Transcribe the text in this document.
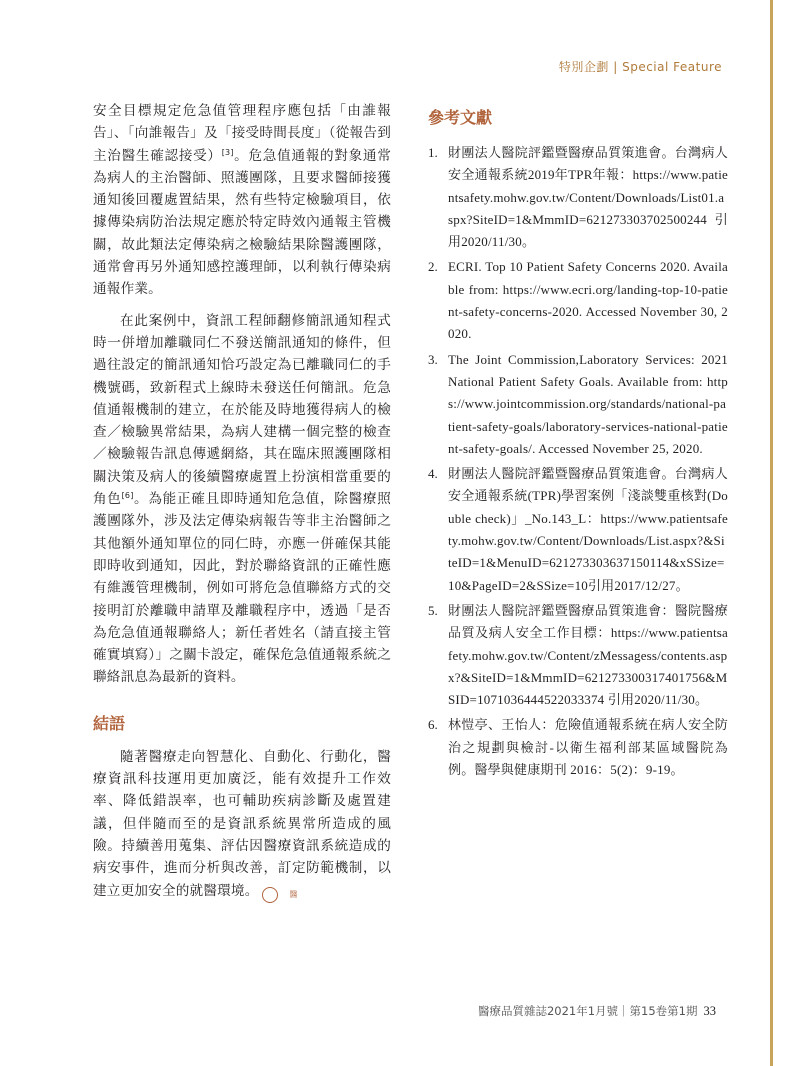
特別企劃 | Special Feature

安全目標規定危急值管理程序應包括「由誰報告」、「向誰報告」及「接受時間長度」（從報告到主治醫生確認接受）[3]。危急值通報的對象通常為病人的主治醫師、照護團隊，且要求醫師接獲通知後回覆處置結果，然有些特定檢驗項目，依據傳染病防治法規定應於特定時效內通報主管機關，故此類法定傳染病之檢驗結果除醫護團隊，通常會再另外通知感控護理師，以利執行傳染病通報作業。

在此案例中，資訊工程師翻修簡訊通知程式時一併增加離職同仁不發送簡訊通知的條件，但過往設定的簡訊通知恰巧設定為已離職同仁的手機號碼，致新程式上線時未發送任何簡訊。危急值通報機制的建立，在於能及時地獲得病人的檢查／檢驗異常結果，為病人建構一個完整的檢查／檢驗報告訊息傳遞網絡，其在臨床照護團隊相關決策及病人的後續醫療處置上扮演相當重要的角色[6]。為能正確且即時通知危急值，除醫療照護團隊外，涉及法定傳染病報告等非主治醫師之其他額外通知單位的同仁時，亦應一併確保其能即時收到通知，因此，對於聯絡資訊的正確性應有維護管理機制，例如可將危急值聯絡方式的交接明訂於離職申請單及離職程序中，透過「是否為危急值通報聯絡人；新任者姓名（請直接主管確實填寫）」之關卡設定，確保危急值通報系統之聯絡訊息為最新的資料。

結語

隨著醫療走向智慧化、自動化、行動化，醫療資訊科技運用更加廣泛，能有效提升工作效率、降低錯誤率，也可輔助疾病診斷及處置建議，但伴隨而至的是資訊系統異常所造成的風險。持續善用蒐集、評估因醫療資訊系統造成的病安事件，進而分析與改善，訂定防範機制，以建立更加安全的就醫環境。	醫

參考文獻
1. 財團法人醫院評鑑暨醫療品質策進會。台灣病人安全通報系統2019年TPR年報：https://www.patientsafety.mohw.gov.tw/Content/Downloads/List01.aspx?SiteID=1&MmmID=621273303702500244 引用2020/11/30。
2. ECRI. Top 10 Patient Safety Concerns 2020. Available from: https://www.ecri.org/landing-top-10-patient-safety-concerns-2020. Accessed November 30, 2020.
3. The Joint Commission,Laboratory Services: 2021 National Patient Safety Goals. Available from: https://www.jointcommission.org/standards/national-patient-safety-goals/laboratory-services-national-patient-safety-goals/. Accessed November 25, 2020.
4. 財團法人醫院評鑑暨醫療品質策進會。台灣病人安全通報系統(TPR)學習案例「淺談雙重核對(Double check)」_No.143_L：https://www.patientsafety.mohw.gov.tw/Content/Downloads/List.aspx?&SiteID=1&MenuID=621273303637150114&xSSize=10&PageID=2&SSize=10引用2017/12/27。
5. 財團法人醫院評鑑暨醫療品質策進會：醫院醫療品質及病人安全工作目標：https://www.patientsafety.mohw.gov.tw/Content/zMessagess/contents.aspx?&SiteID=1&MmmID=621273300317401756&MSID=1071036444522033374 引用2020/11/30。
6. 林愷亭、王怡人：危險值通報系統在病人安全防治之規劃與檢討-以衛生福利部某區域醫院為例。醫學與健康期刊 2016：5(2)：9-19。
醫療品質雜誌2021年1月號｜第15卷第1期 33
